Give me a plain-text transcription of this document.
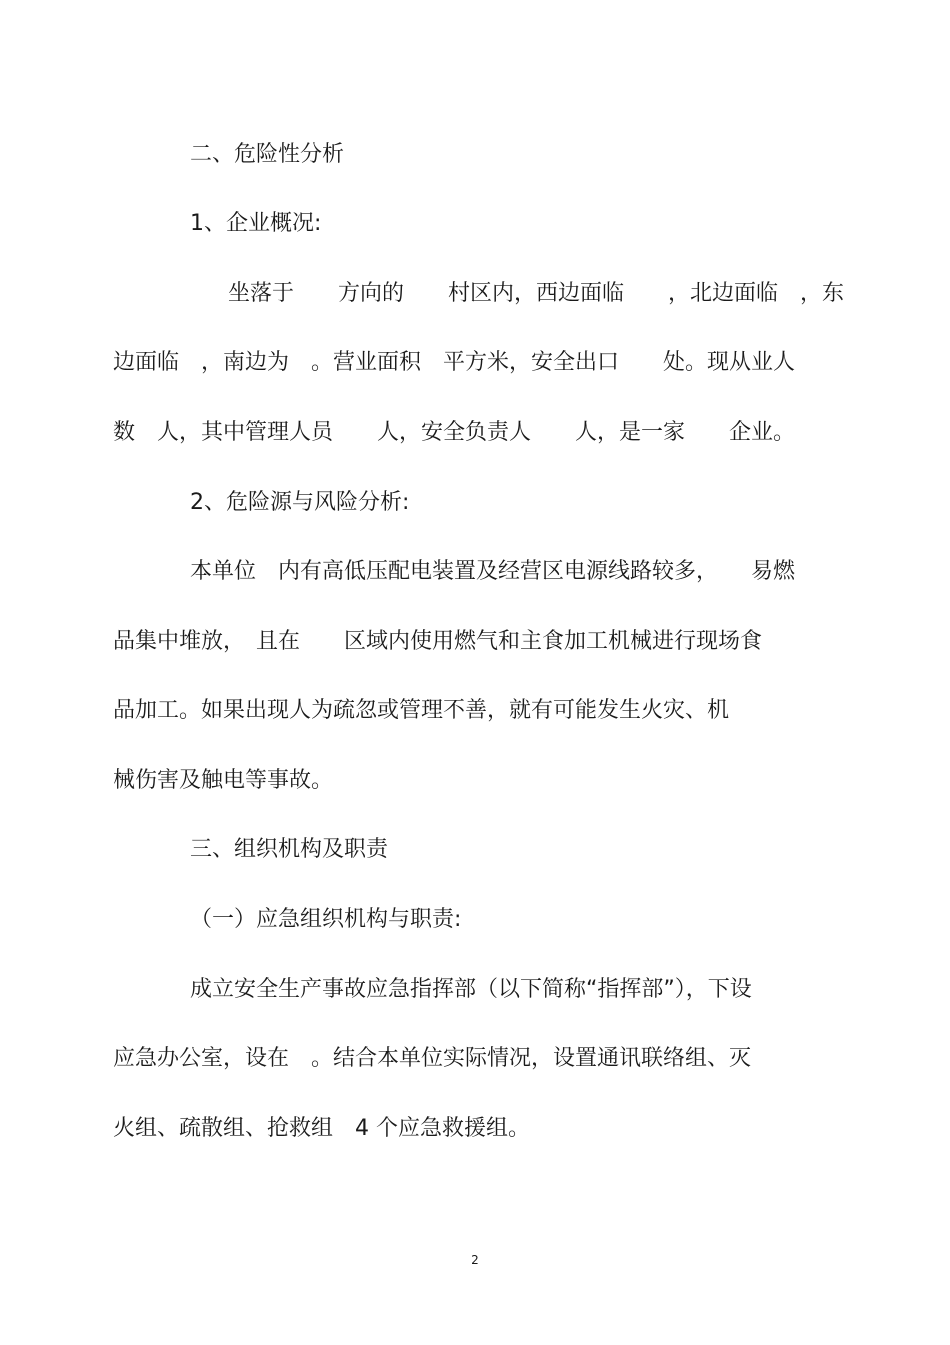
二、危险性分析
1、企业概况:
坐落于　　方向的　　村区内，西边面临　　，北边面临　，东
边面临　，南边为　。营业面积　平方米，安全出口　　处。现从业人
数　人，其中管理人员　　人，安全负责人　　人，是一家　　企业。
2、危险源与风险分析:
本单位　内有高低压配电装置及经营区电源线路较多，　　易燃
品集中堆放，　且在　　区域内使用燃气和主食加工机械进行现场食
品加工。如果出现人为疏忽或管理不善，就有可能发生火灾、机
械伤害及触电等事故。
三、组织机构及职责
（一）应急组织机构与职责:
成立安全生产事故应急指挥部（以下简称“指挥部”），下设
应急办公室，设在　。结合本单位实际情况，设置通讯联络组、灭
火组、疏散组、抢救组　4 个应急救援组。
2
